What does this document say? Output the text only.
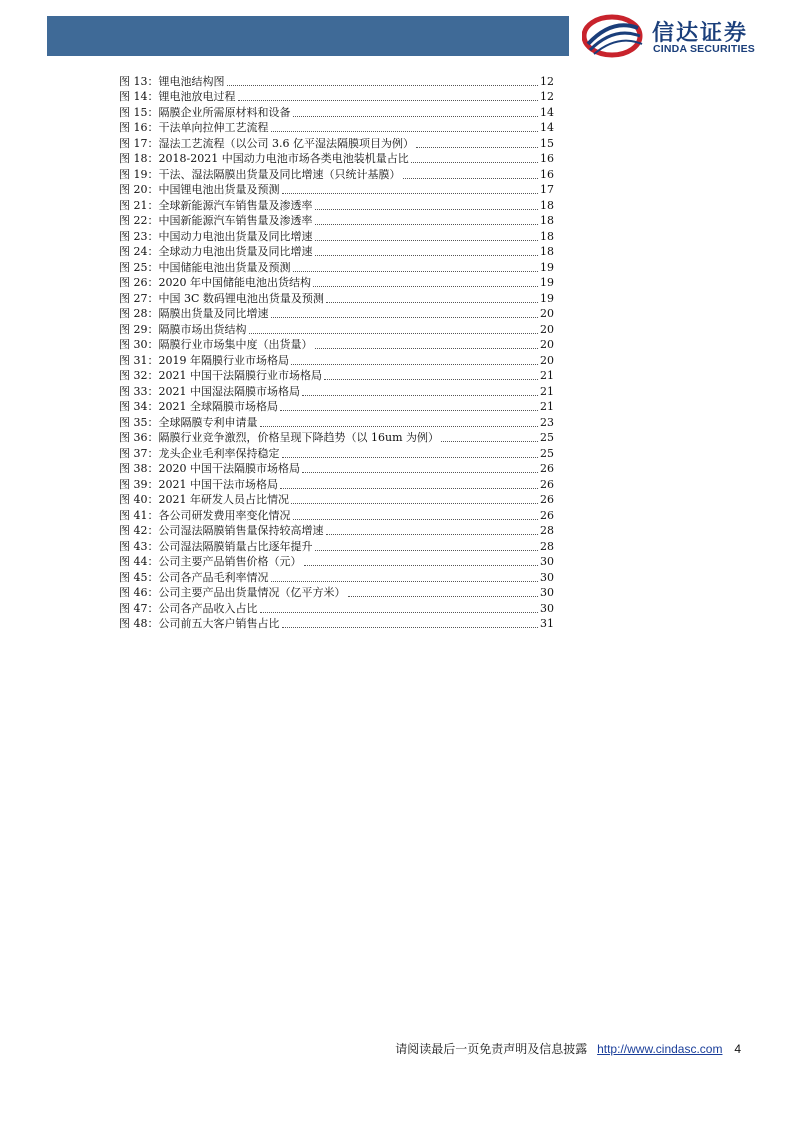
信达证券
CINDA SECURITIES
图 13：锂电池结构图	12
图 14：锂电池放电过程	12
图 15：隔膜企业所需原材料和设备	14
图 16：干法单向拉伸工艺流程	14
图 17：湿法工艺流程（以公司 3.6 亿平湿法隔膜项目为例）	15
图 18：2018-2021 中国动力电池市场各类电池装机量占比	16
图 19：干法、湿法隔膜出货量及同比增速（只统计基膜）	16
图 20：中国锂电池出货量及预测	17
图 21：全球新能源汽车销售量及渗透率	18
图 22：中国新能源汽车销售量及渗透率	18
图 23：中国动力电池出货量及同比增速	18
图 24：全球动力电池出货量及同比增速	18
图 25：中国储能电池出货量及预测	19
图 26：2020 年中国储能电池出货结构	19
图 27：中国 3C 数码锂电池出货量及预测	19
图 28：隔膜出货量及同比增速	20
图 29：隔膜市场出货结构	20
图 30：隔膜行业市场集中度（出货量）	20
图 31：2019 年隔膜行业市场格局	20
图 32：2021 中国干法隔膜行业市场格局	21
图 33：2021 中国湿法隔膜市场格局	21
图 34：2021 全球隔膜市场格局	21
图 35：全球隔膜专利申请量	23
图 36：隔膜行业竞争激烈，价格呈现下降趋势（以 16um 为例）	25
图 37：龙头企业毛利率保持稳定	25
图 38：2020 中国干法隔膜市场格局	26
图 39：2021 中国干法市场格局	26
图 40：2021 年研发人员占比情况	26
图 41：各公司研发费用率变化情况	26
图 42：公司湿法隔膜销售量保持较高增速	28
图 43：公司湿法隔膜销量占比逐年提升	28
图 44：公司主要产品销售价格（元）	30
图 45：公司各产品毛利率情况	30
图 46：公司主要产品出货量情况（亿平方米）	30
图 47：公司各产品收入占比	30
图 48：公司前五大客户销售占比	31
请阅读最后一页免责声明及信息披露 http://www.cindasc.com 4
